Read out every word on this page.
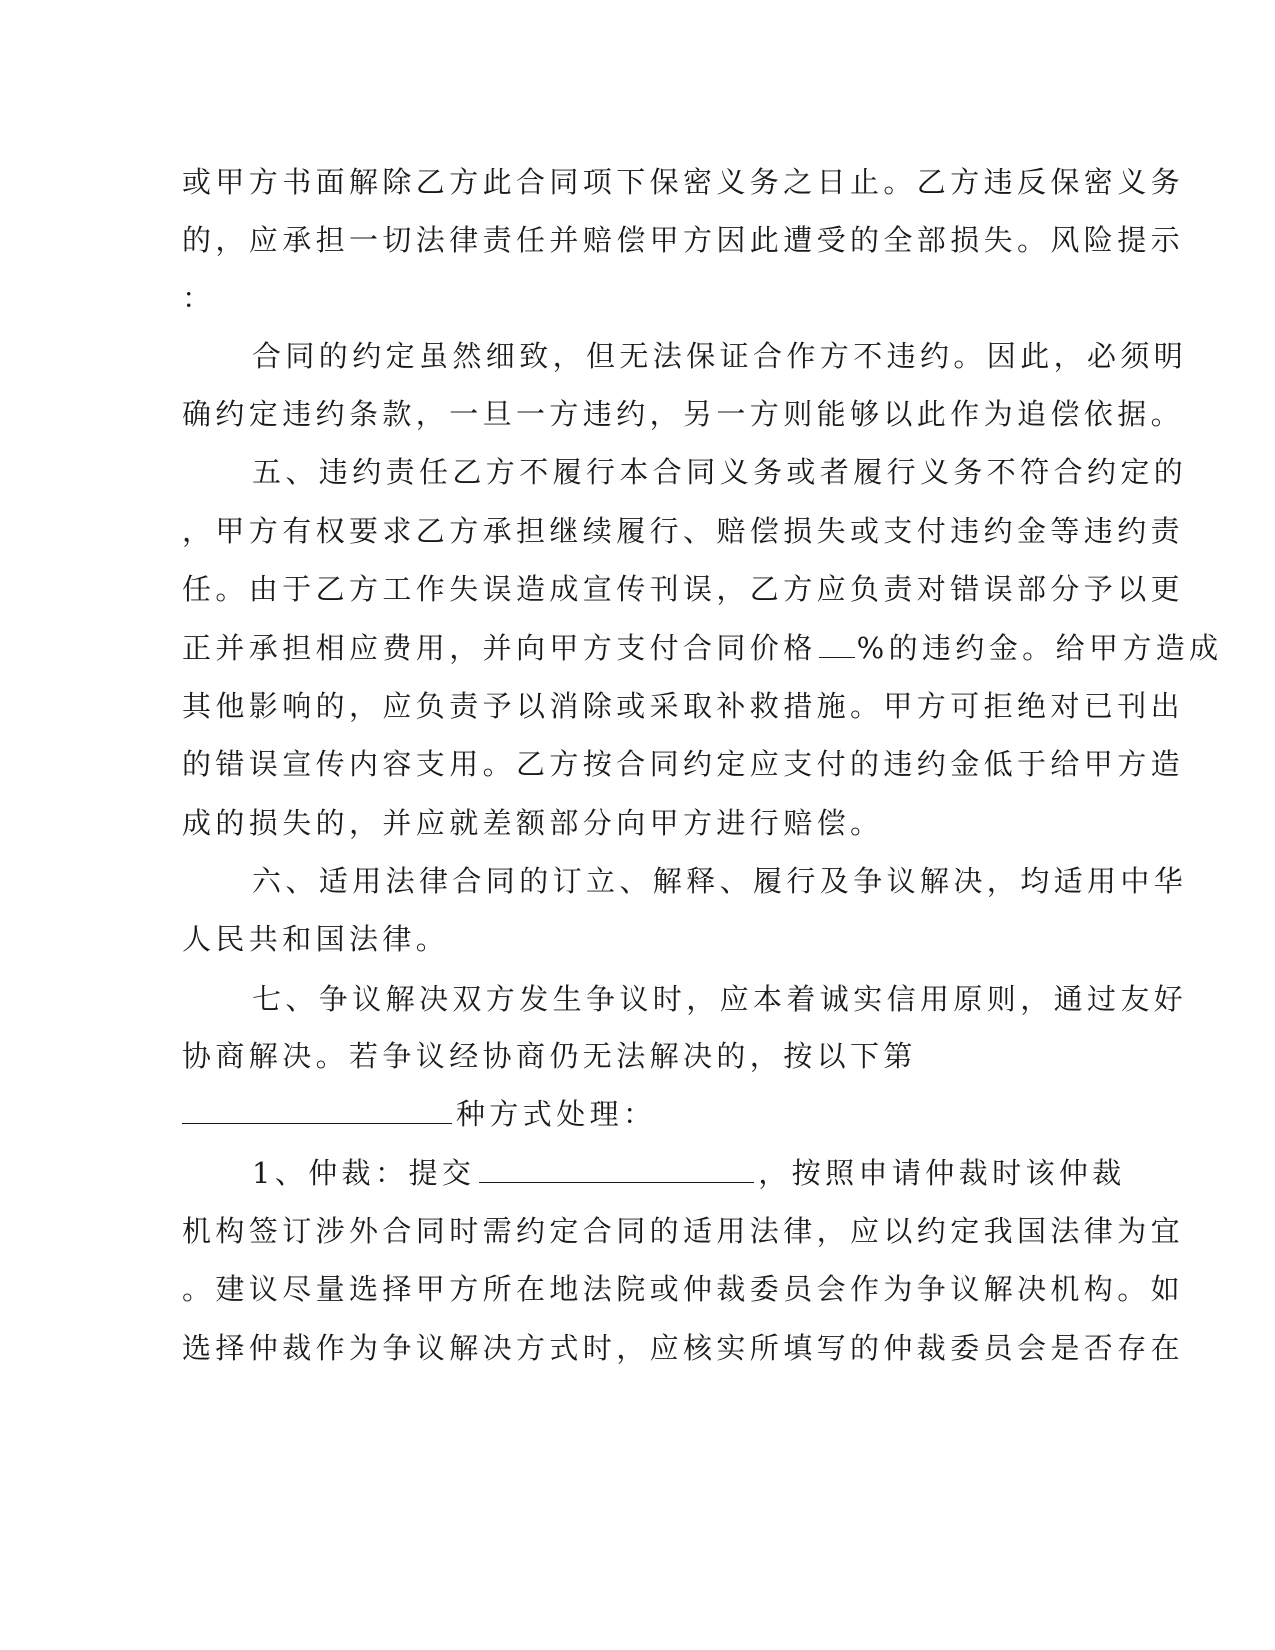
或甲方书面解除乙方此合同项下保密义务之日止。乙方违反保密义务
的，应承担一切法律责任并赔偿甲方因此遭受的全部损失。风险提示
：
合同的约定虽然细致，但无法保证合作方不违约。因此，必须明
确约定违约条款，一旦一方违约，另一方则能够以此作为追偿依据。
五、违约责任乙方不履行本合同义务或者履行义务不符合约定的
，甲方有权要求乙方承担继续履行、赔偿损失或支付违约金等违约责
任。由于乙方工作失误造成宣传刊误，乙方应负责对错误部分予以更
正并承担相应费用，并向甲方支付合同价格 %的违约金。给甲方造成
其他影响的，应负责予以消除或采取补救措施。甲方可拒绝对已刊出
的错误宣传内容支用。乙方按合同约定应支付的违约金低于给甲方造
成的损失的，并应就差额部分向甲方进行赔偿。
六、适用法律合同的订立、解释、履行及争议解决，均适用中华
人民共和国法律。
七、争议解决双方发生争议时，应本着诚实信用原则，通过友好
协商解决。若争议经协商仍无法解决的，按以下第
种方式处理：
1、仲裁：提交	，按照申请仲裁时该仲裁
机构签订涉外合同时需约定合同的适用法律，应以约定我国法律为宜
。建议尽量选择甲方所在地法院或仲裁委员会作为争议解决机构。如
选择仲裁作为争议解决方式时，应核实所填写的仲裁委员会是否存在
